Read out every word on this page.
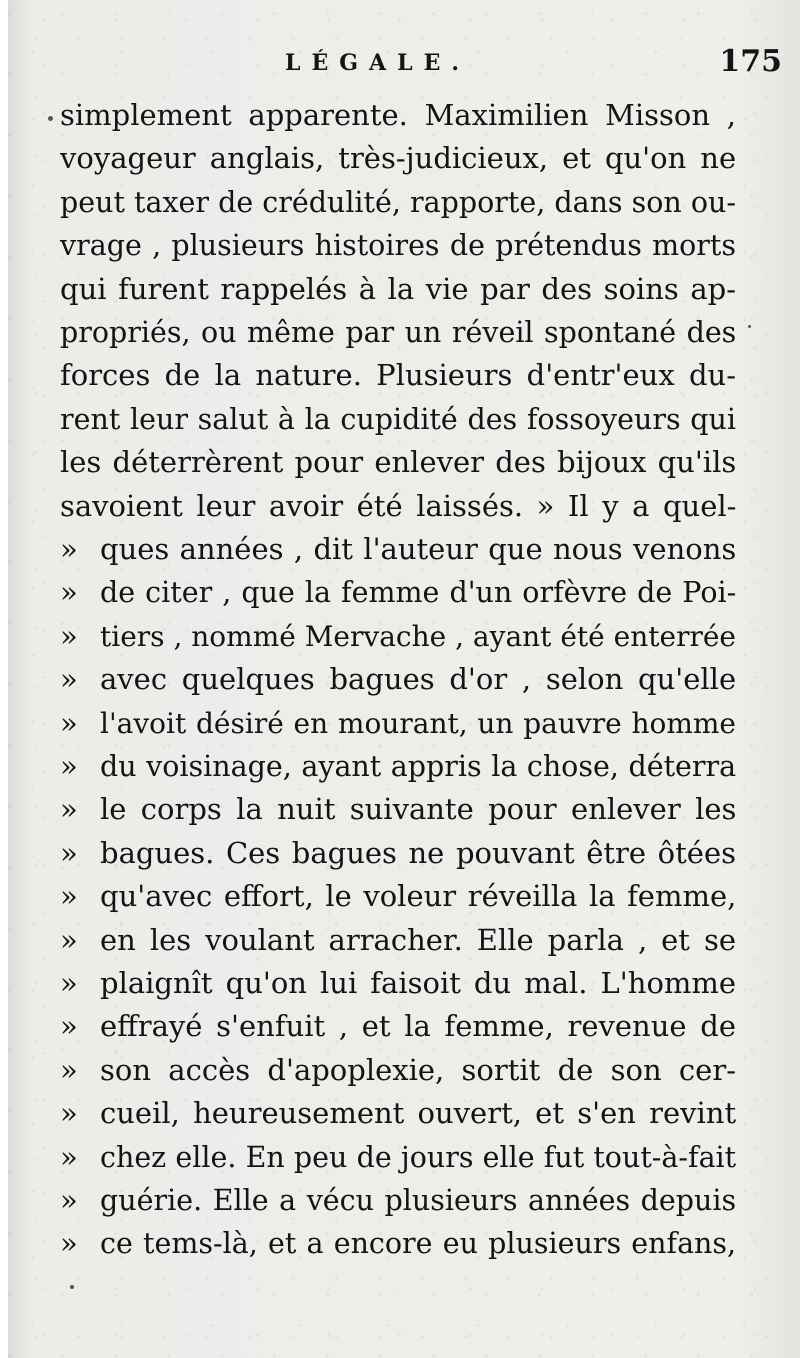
LÉGALE.	175
simplement apparente. Maximilien Misson ,
voyageur anglais, très-judicieux, et qu'on ne
peut taxer de crédulité, rapporte, dans son ou-
vrage , plusieurs histoires de prétendus morts
qui furent rappelés à la vie par des soins ap-
propriés, ou même par un réveil spontané des
forces de la nature. Plusieurs d'entr'eux du-
rent leur salut à la cupidité des fossoyeurs qui
les déterrèrent pour enlever des bijoux qu'ils
savoient leur avoir été laissés. » Il y a quel-
» ques années , dit l'auteur que nous venons
» de citer , que la femme d'un orfèvre de Poi-
» tiers , nommé Mervache , ayant été enterrée
» avec quelques bagues d'or , selon qu'elle
» l'avoit désiré en mourant, un pauvre homme
» du voisinage, ayant appris la chose, déterra
» le corps la nuit suivante pour enlever les
» bagues. Ces bagues ne pouvant être ôtées
» qu'avec effort, le voleur réveilla la femme,
» en les voulant arracher. Elle parla , et se
» plaignît qu'on lui faisoit du mal. L'homme
» effrayé s'enfuit , et la femme, revenue de
» son accès d'apoplexie, sortit de son cer-
» cueil, heureusement ouvert, et s'en revint
» chez elle. En peu de jours elle fut tout-à-fait
» guérie. Elle a vécu plusieurs années depuis
» ce tems-là, et a encore eu plusieurs enfans,
